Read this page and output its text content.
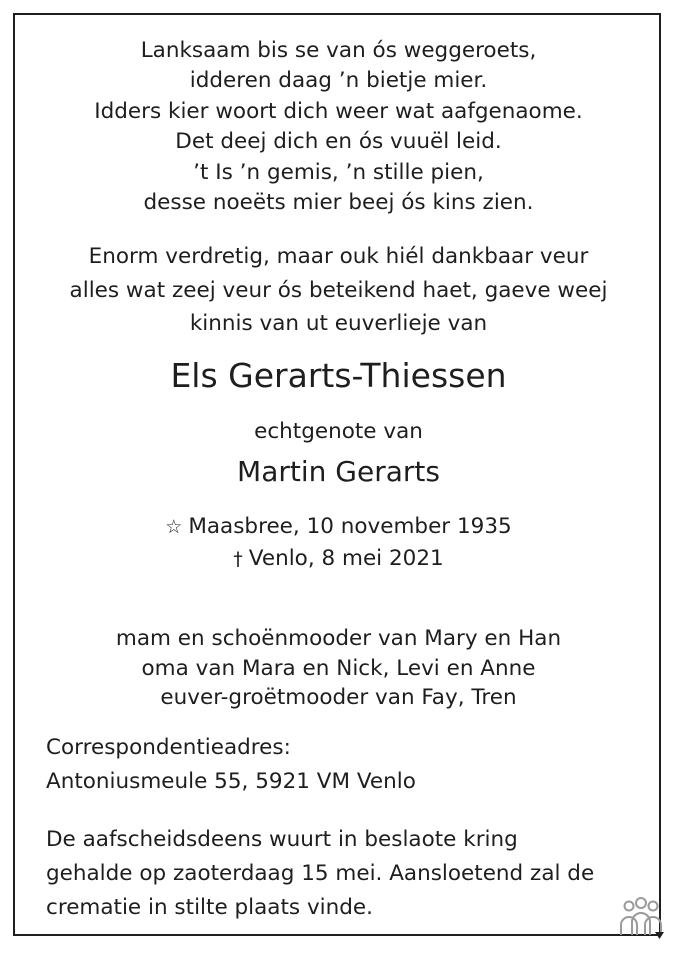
Lanksaam bis se van ós weggeroets,
idderen daag ’n bietje mier.
Idders kier woort dich weer wat aafgenaome.
Det deej dich en ós vuuël leid.
’t Is ’n gemis, ’n stille pien,
desse noeëts mier beej ós kins zien.
Enorm verdretig, maar ouk hiél dankbaar veur
alles wat zeej veur ós beteikend haet, gaeve weej
kinnis van ut euverlieje van
Els Gerarts-Thiessen
echtgenote van
Martin Gerarts
☆ Maasbree, 10 november 1935
† Venlo, 8 mei 2021
mam en schoënmooder van Mary en Han
oma van Mara en Nick, Levi en Anne
euver-groëtmooder van Fay, Tren
Correspondentieadres:
Antoniusmeule 55, 5921 VM Venlo
De aafscheidsdeens wuurt in beslaote kring
gehalde op zaoterdaag 15 mei. Aansloetend zal de
crematie in stilte plaats vinde.
